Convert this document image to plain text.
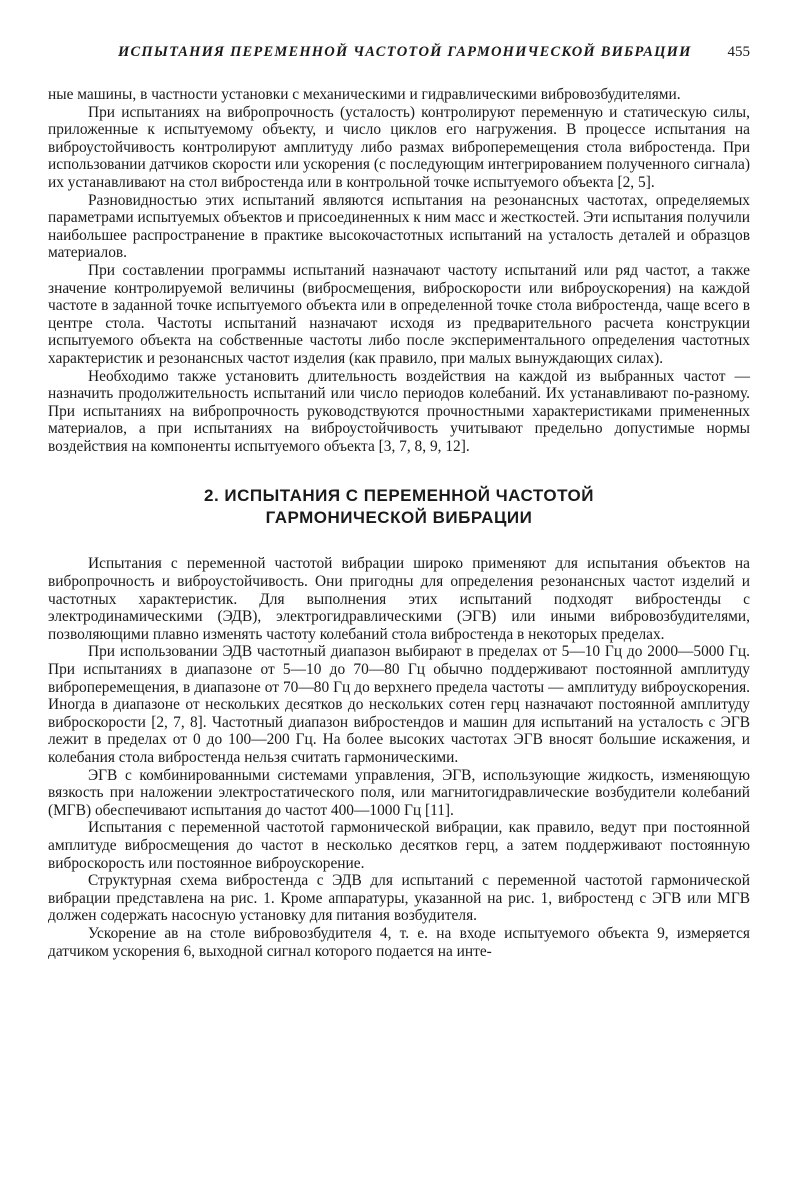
ИСПЫТАНИЯ ПЕРЕМЕННОЙ ЧАСТОТОЙ ГАРМОНИЧЕСКОЙ ВИБРАЦИИ 455

ные машины, в частности установки с механическими и гидравлическими вибровозбудителями.

При испытаниях на вибропрочность (усталость) контролируют переменную и статическую силы, приложенные к испытуемому объекту, и число циклов его нагружения. В процессе испытания на виброустойчивость контролируют амплитуду либо размах виброперемещения стола вибростенда. При использовании датчиков скорости или ускорения (с последующим интегрированием полученного сигнала) их устанавливают на стол вибростенда или в контрольной точке испытуемого объекта [2, 5].

Разновидностью этих испытаний являются испытания на резонансных частотах, определяемых параметрами испытуемых объектов и присоединенных к ним масс и жесткостей. Эти испытания получили наибольшее распространение в практике высокочастотных испытаний на усталость деталей и образцов материалов.

При составлении программы испытаний назначают частоту испытаний или ряд частот, а также значение контролируемой величины (виброcмещения, виброскорости или виброускорения) на каждой частоте в заданной точке испытуемого объекта или в определенной точке стола вибростенда, чаще всего в центре стола. Частоты испытаний назначают исходя из предварительного расчета конструкции испытуемого объекта на собственные частоты либо после экспериментального определения частотных характеристик и резонансных частот изделия (как правило, при малых вынуждающих силах).

Необходимо также установить длительность воздействия на каждой из выбранных частот — назначить продолжительность испытаний или число периодов колебаний. Их устанавливают по-разному. При испытаниях на вибропрочность руководствуются прочностными характеристиками примененных материалов, а при испытаниях на виброустойчивость учитывают предельно допустимые нормы воздействия на компоненты испытуемого объекта [3, 7, 8, 9, 12].

2. ИСПЫТАНИЯ С ПЕРЕМЕННОЙ ЧАСТОТОЙ
ГАРМОНИЧЕСКОЙ ВИБРАЦИИ

Испытания с переменной частотой вибрации широко применяют для испытания объектов на вибропрочность и виброустойчивость. Они пригодны для определения резонансных частот изделий и частотных характеристик. Для выполнения этих испытаний подходят вибростенды с электродинамическими (ЭДВ), электрогидравлическими (ЭГВ) или иными вибровозбудителями, позволяющими плавно изменять частоту колебаний стола вибростенда в некоторых пределах.

При использовании ЭДВ частотный диапазон выбирают в пределах от 5—10 Гц до 2000—5000 Гц. При испытаниях в диапазоне от 5—10 до 70—80 Гц обычно поддерживают постоянной амплитуду виброперемещения, в диапазоне от 70—80 Гц до верхнего предела частоты — амплитуду виброускорения. Иногда в диапазоне от нескольких десятков до нескольких сотен герц назначают постоянной амплитуду виброскорости [2, 7, 8]. Частотный диапазон вибростендов и машин для испытаний на усталость с ЭГВ лежит в пределах от 0 до 100—200 Гц. На более высоких частотах ЭГВ вносят большие искажения, и колебания стола вибростенда нельзя считать гармоническими.

ЭГВ с комбинированными системами управления, ЭГВ, использующие жидкость, изменяющую вязкость при наложении электростатического поля, или магнитогидравлические возбудители колебаний (МГВ) обеспечивают испытания до частот 400—1000 Гц [11].

Испытания с переменной частотой гармонической вибрации, как правило, ведут при постоянной амплитуде виброcмещения до частот в несколько десятков герц, а затем поддерживают постоянную виброскорость или постоянное виброускорение.

Структурная схема вибростенда с ЭДВ для испытаний с переменной частотой гармонической вибрации представлена на рис. 1. Кроме аппаратуры, указанной на рис. 1, вибростенд с ЭГВ или МГВ должен содержать насосную установку для питания возбудителя.

Ускорение aв на столе вибровозбудителя 4, т. е. на входе испытуемого объекта 9, измеряется датчиком ускорения 6, выходной сигнал которого подается на инте-
